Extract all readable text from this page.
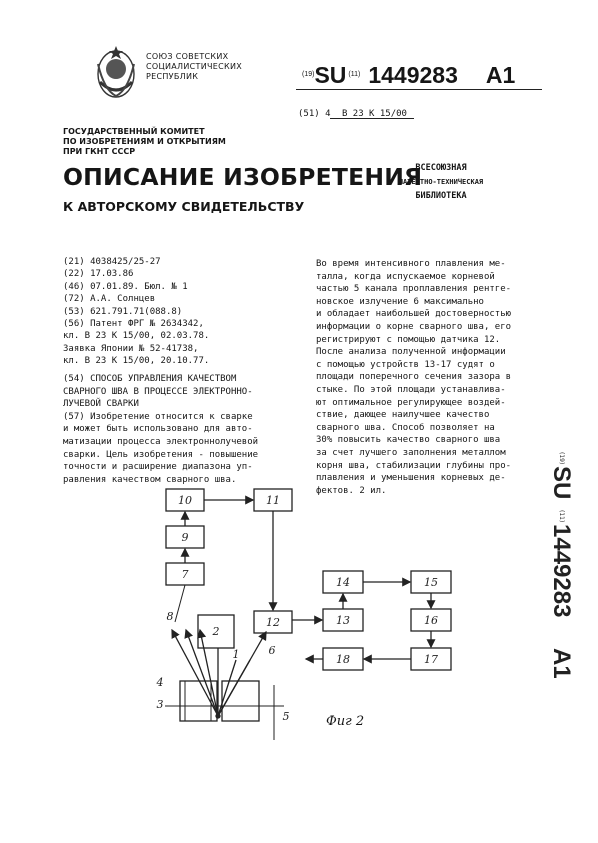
СОЮЗ СОВЕТСКИХ
СОЦИАЛИСТИЧЕСКИХ
РЕСПУБЛИК	$^{(19)}$SU $^{(11)}$ 1449283 A1
(51) 4 В 23 К 15/00
ГОСУДАРСТВЕННЫЙ КОМИТЕТ
ПО ИЗОБРЕТЕНИЯМ И ОТКРЫТИЯМ
ПРИ ГКНТ СССР
ОПИСАНИЕ ИЗОБРЕТЕНИЯ
К АВТОРСКОМУ СВИДЕТЕЛЬСТВУ
ВСЕСОЮЗНАЯ
ПАТЕНТНО-ТЕХНИЧЕСКАЯ
БИБЛИОТЕКА
(21) 4038425/25-27
(22) 17.03.86
(46) 07.01.89. Бюл. № 1
(72) А.А. Солнцев
(53) 621.791.71(088.8)
(56) Патент ФРГ № 2634342,
кл. В 23 К 15/00, 02.03.78.
Заявка Японии № 52-41738,
кл. В 23 К 15/00, 20.10.77.
(54) СПОСОБ УПРАВЛЕНИЯ КАЧЕСТВОМ
СВАРНОГО ШВА В ПРОЦЕССЕ ЭЛЕКТРОННО-
ЛУЧЕВОЙ СВАРКИ
(57) Изобретение относится к сварке
и может быть использовано для авто-
матизации процесса электроннолучевой
сварки. Цель изобретения - повышение
точности и расширение диапазона уп-
равления качеством сварного шва.
Во время интенсивного плавления ме-
талла, когда испускаемое корневой
частью 5 канала проплавления рентге-
новское излучение 6 максимально
и обладает наибольшей достоверностью
информации о корне сварного шва, его
регистрируют с помощью датчика 12.
После анализа полученной информации
с помощью устройств 13-17 судят о
площади поперечного сечения зазора в
стыке. По этой площади устанавлива-
ют оптимальное регулирующее воздей-
ствие, дающее наилучшее качество
сварного шва. Способ позволяет на
30% повысить качество сварного шва
за счет лучшего заполнения металлом
корня шва, стабилизации глубины про-
плавления и уменьшения корневых де-
фектов. 2 ил.
(19)
SU
(11)
1449283
A1
10	11
9
7
2
12
14	15
13	16
18	17
8
1	6
4
3
5	Фиг 2
